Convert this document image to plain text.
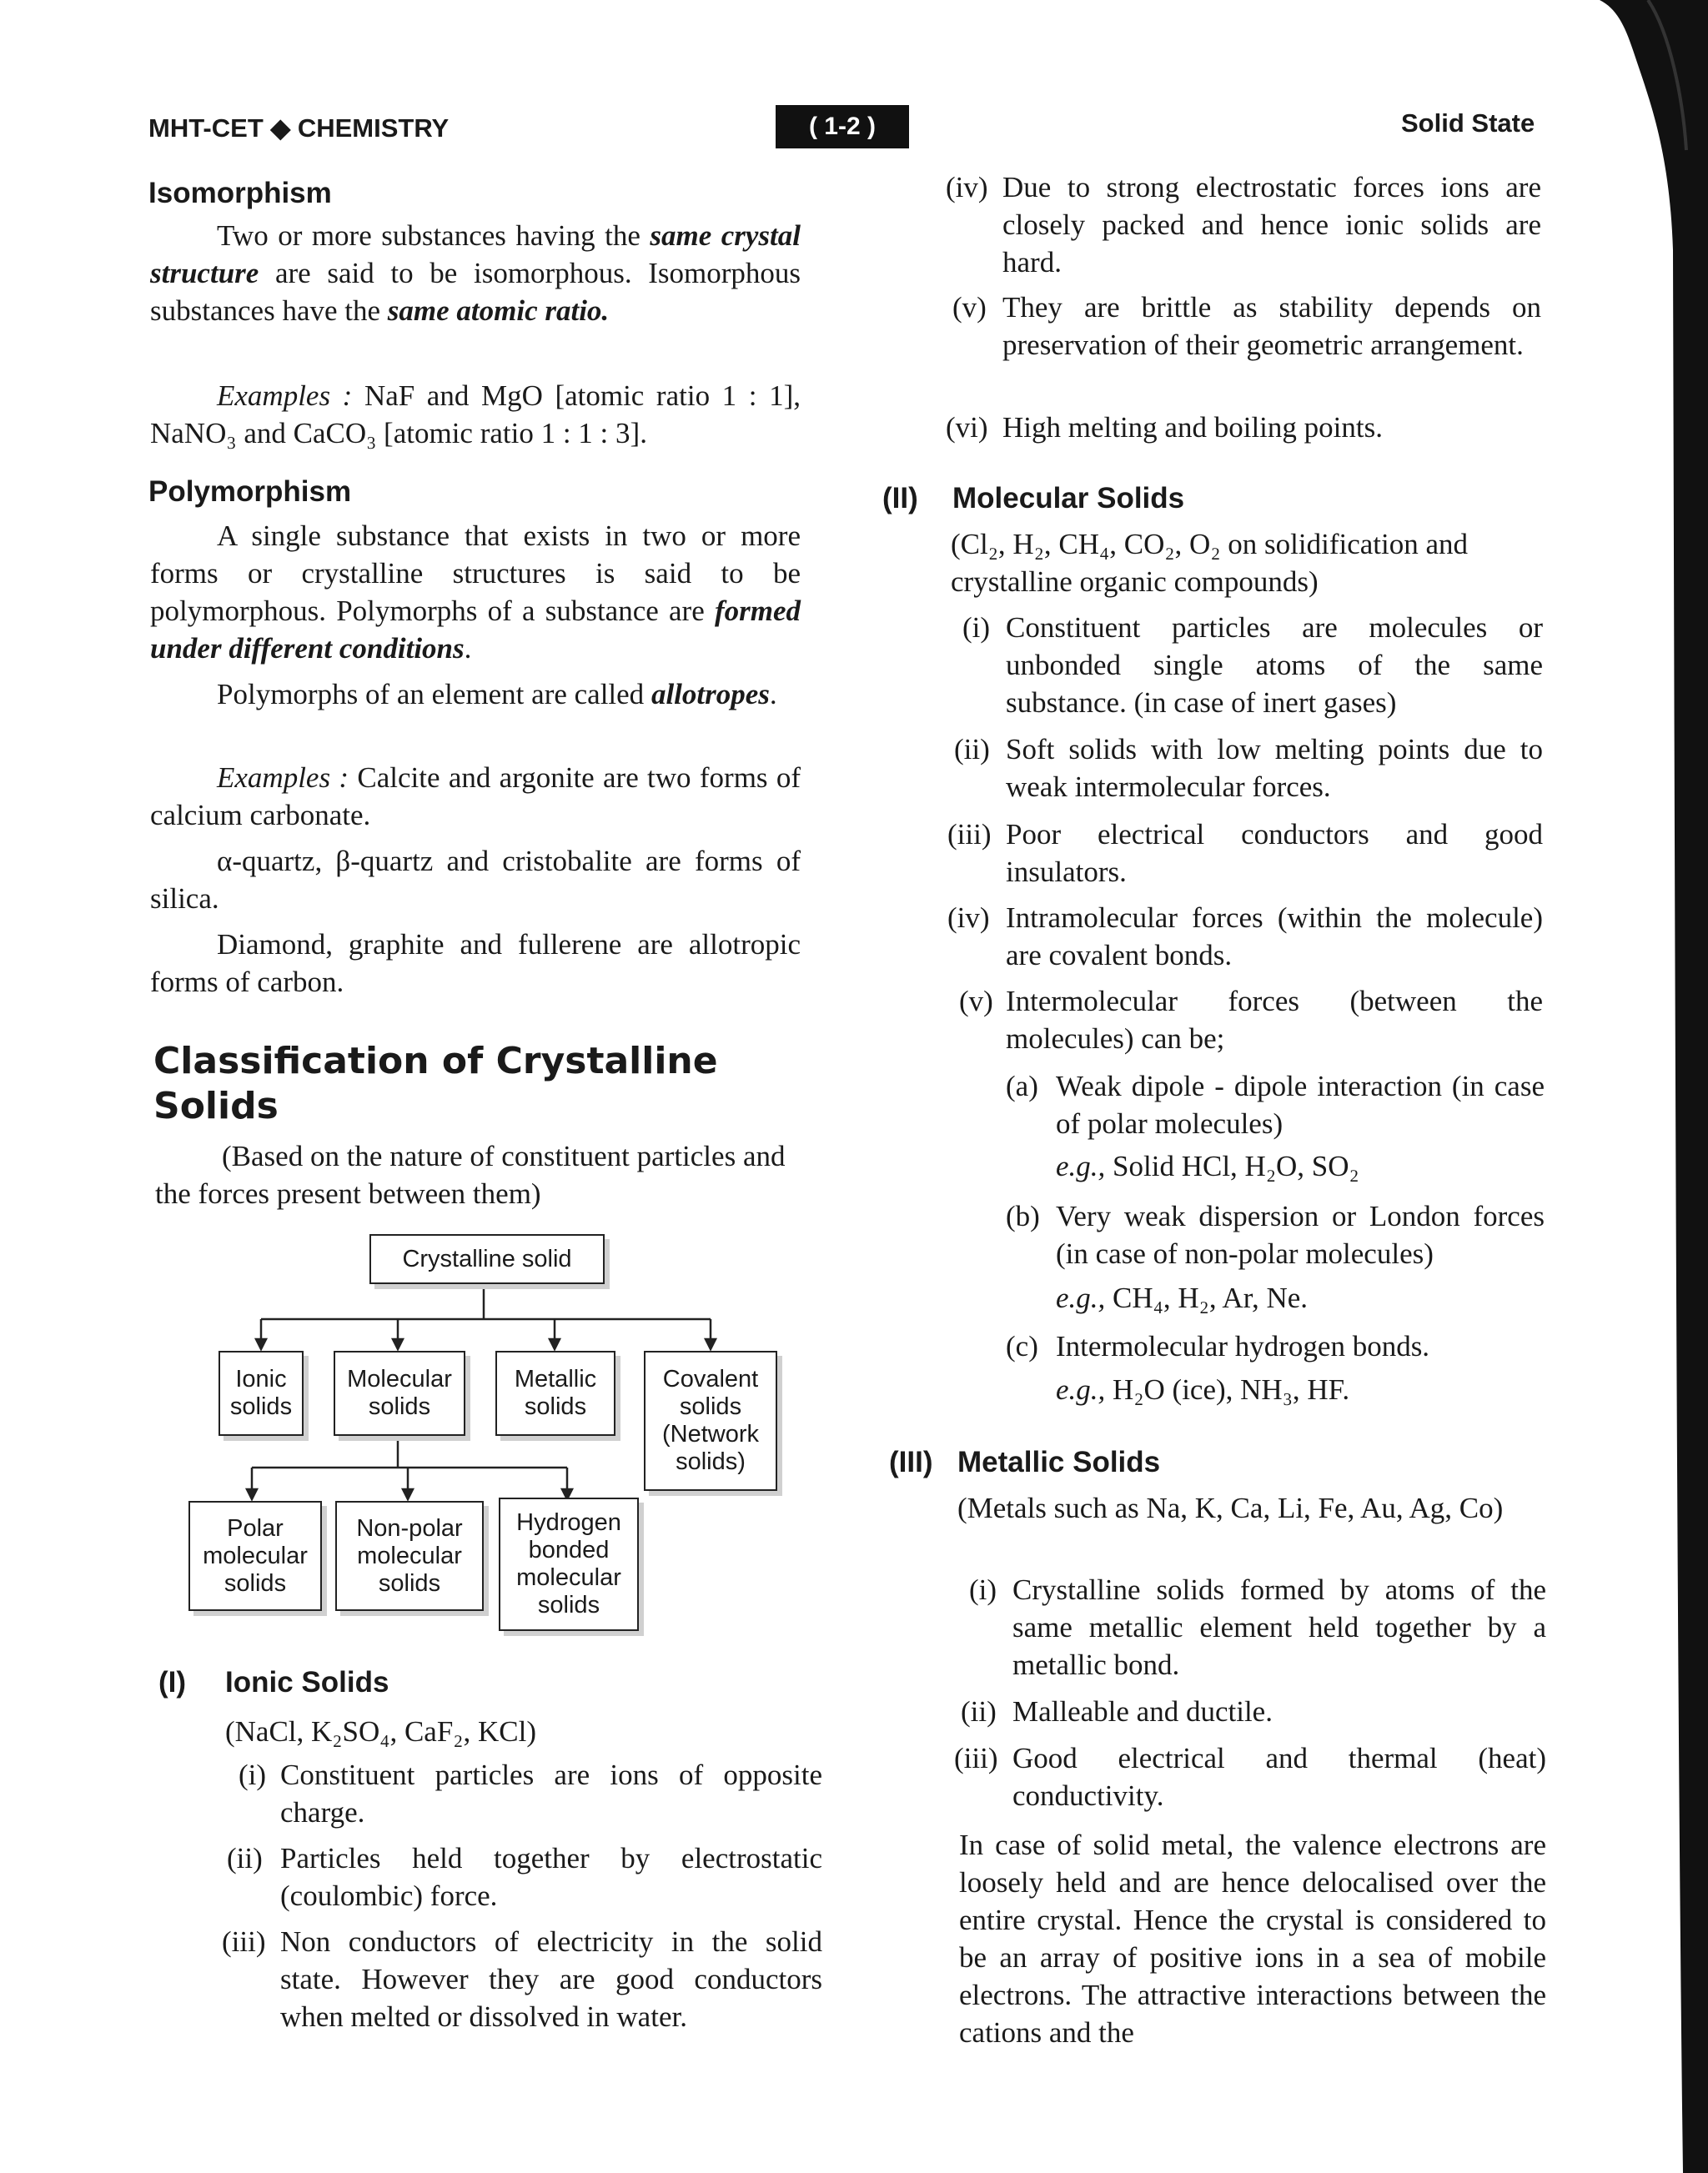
MHT-CET ◆ CHEMISTRY	( 1-2 )	Solid State
Isomorphism
Two or more substances having the same crystal structure are said to be isomorphous. Isomorphous substances have the same atomic ratio.
Examples : NaF and MgO [atomic ratio 1 : 1], NaNO₃ and CaCO₃ [atomic ratio 1 : 1 : 3].
Polymorphism
A single substance that exists in two or more forms or crystalline structures is said to be polymorphous. Polymorphs of a substance are formed under different conditions.
Polymorphs of an element are called allotropes.
Examples : Calcite and argonite are two forms of calcium carbonate.
α-quartz, β-quartz and cristobalite are forms of silica.
Diamond, graphite and fullerene are allotropic forms of carbon.
Classification of Crystalline Solids
(Based on the nature of constituent particles and the forces present between them)
Crystalline solid
Ionic solids
Molecular solids
Metallic solids
Covalent solids (Network solids)
Polar molecular solids
Non-polar molecular solids
Hydrogen bonded molecular solids
(I) Ionic Solids
(NaCl, K₂SO₄, CaF₂, KCl)
(i) Constituent particles are ions of opposite charge.
(ii) Particles held together by electrostatic (coulombic) force.
(iii) Non conductors of electricity in the solid state. However they are good conductors when melted or dissolved in water.
(iv) Due to strong electrostatic forces ions are closely packed and hence ionic solids are hard.
(v) They are brittle as stability depends on preservation of their geometric arrangement.
(vi) High melting and boiling points.
(II) Molecular Solids
(Cl₂, H₂, CH₄, CO₂, O₂ on solidification and crystalline organic compounds)
(i) Constituent particles are molecules or unbonded single atoms of the same substance. (in case of inert gases)
(ii) Soft solids with low melting points due to weak intermolecular forces.
(iii) Poor electrical conductors and good insulators.
(iv) Intramolecular forces (within the molecule) are covalent bonds.
(v) Intermolecular forces (between the molecules) can be;
(a) Weak dipole - dipole interaction (in case of polar molecules)
e.g., Solid HCl, H₂O, SO₂
(b) Very weak dispersion or London forces (in case of non-polar molecules)
e.g., CH₄, H₂, Ar, Ne.
(c) Intermolecular hydrogen bonds.
e.g., H₂O (ice), NH₃, HF.
(III) Metallic Solids
(Metals such as Na, K, Ca, Li, Fe, Au, Ag, Co)
(i) Crystalline solids formed by atoms of the same metallic element held together by a metallic bond.
(ii) Malleable and ductile.
(iii) Good electrical and thermal (heat) conductivity.
In case of solid metal, the valence electrons are loosely held and are hence delocalised over the entire crystal. Hence the crystal is considered to be an array of positive ions in a sea of mobile electrons. The attractive interactions between the cations and the
